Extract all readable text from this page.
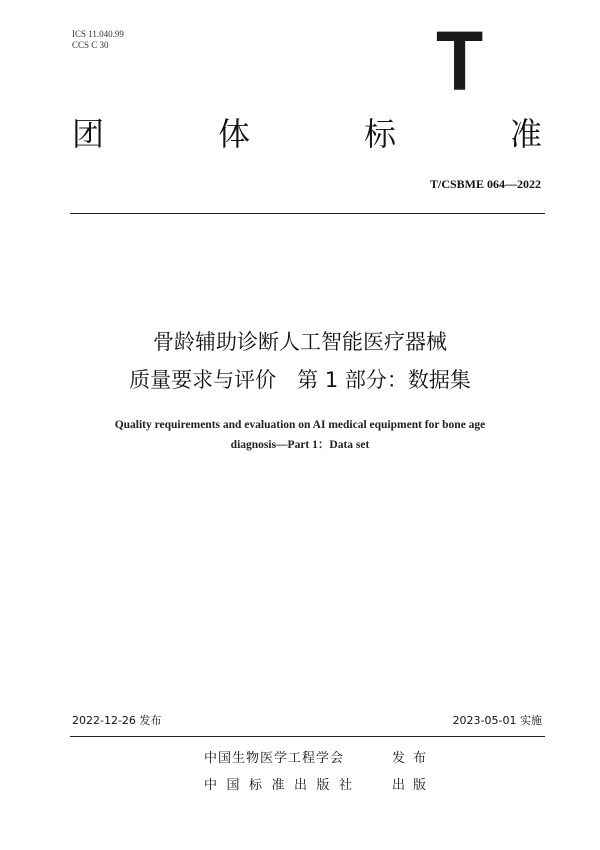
ICS 11.040.99
CCS C 30	T
团	体	标	准
T/CSBME 064—2022
骨龄辅助诊断人工智能医疗器械
质量要求与评价　第 1 部分：数据集
Quality requirements and evaluation on AI medical equipment for bone age
diagnosis—Part 1：Data set
2022-12-26 发布	2023-05-01 实施
中国生物医学工程学会	发布
中国标准出版社 出版
